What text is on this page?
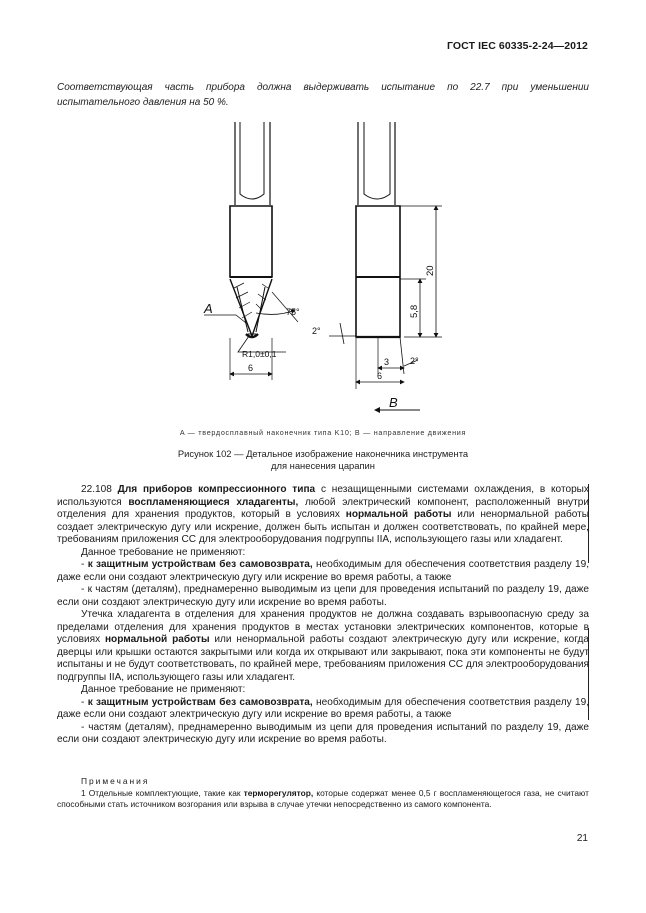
ГОСТ IEC 60335-2-24—2012
Соответствующая часть прибора должна выдерживать испытание по 22.7 при уменьшении испытательного давления на 50 %.
A	75°
R1,0±0,1
6
2°
3
6
2°
20
5,8
B
A — твердосплавный наконечник типа K10; B — направление движения
Рисунок 102 — Детальное изображение наконечника инструмента
для нанесения царапин

22.108 Для приборов компрессионного типа с незащищенными системами охлаждения, в которых используются воспламеняющиеся хладагенты, любой электрический компонент, расположенный внутри отделения для хранения продуктов, который в условиях нормальной работы или ненормальной работы создает электрическую дугу или искрение, должен быть испытан и должен соответствовать, по крайней мере, требованиям приложения СС для электрооборудования подгруппы IIA, использующего газы или хладагент.

Данное требование не применяют:

- к защитным устройствам без самовозврата, необходимым для обеспечения соответствия разделу 19, даже если они создают электрическую дугу или искрение во время работы, а также

- к частям (деталям), преднамеренно выводимым из цепи для проведения испытаний по разделу 19, даже если они создают электрическую дугу или искрение во время работы.

Утечка хладагента в отделения для хранения продуктов не должна создавать взрывоопасную среду за пределами отделения для хранения продуктов в местах установки электрических компонентов, которые в условиях нормальной работы или ненормальной работы создают электрическую дугу или искрение, когда дверцы или крышки остаются закрытыми или когда их открывают или закрывают, пока эти компоненты не будут испытаны и не будут соответствовать, по крайней мере, требованиям приложения СС для электрооборудования подгруппы IIA, использующего газы или хладагент.

Данное требование не применяют:

- к защитным устройствам без самовозврата, необходимым для обеспечения соответствия разделу 19, даже если они создают электрическую дугу или искрение во время работы, а также

- частям (деталям), преднамеренно выводимым из цепи для проведения испытаний по разделу 19, даже если они создают электрическую дугу или искрение во время работы.

Примечания

1 Отдельные комплектующие, такие как терморегулятор, которые содержат менее 0,5 г воспламеняющегося газа, не считают способными стать источником возгорания или взрыва в случае утечки непосредственно из самого компонента.

21
